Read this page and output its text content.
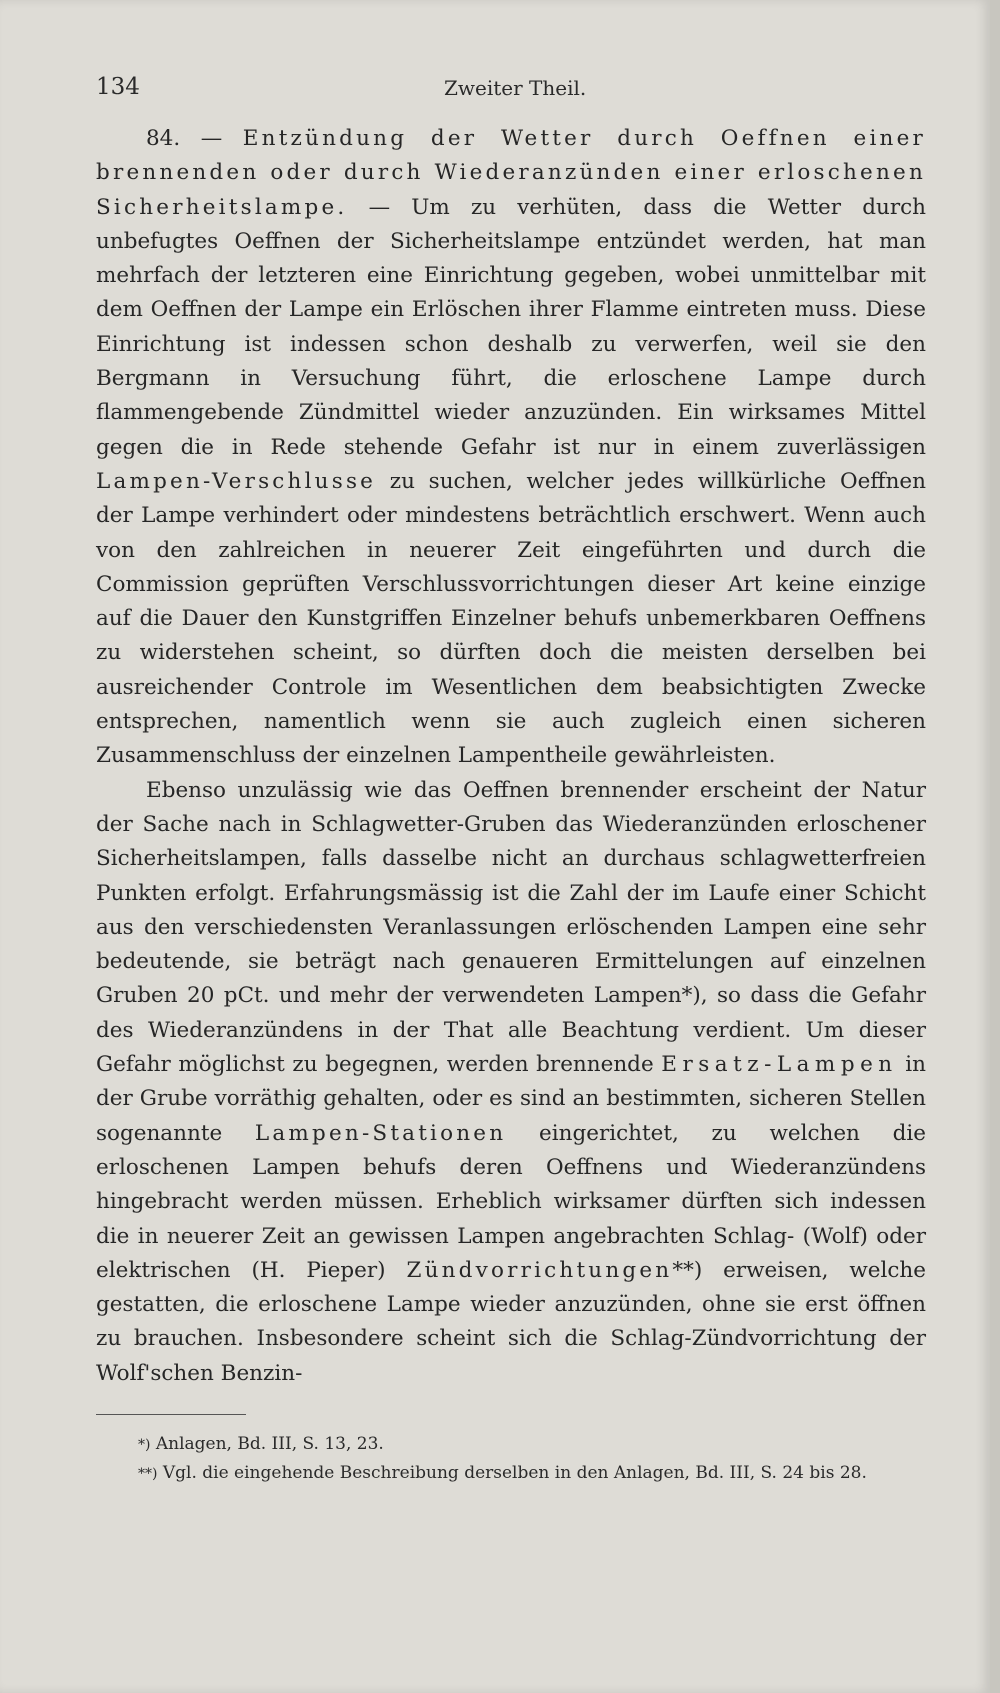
134	Zweiter Theil.

84. — Entzündung der Wetter durch Oeffnen einer brennenden oder durch Wiederanzünden einer erloschenen Sicherheitslampe. — Um zu verhüten, dass die Wetter durch unbefugtes Oeffnen der Sicherheitslampe entzündet werden, hat man mehrfach der letzteren eine Einrichtung gegeben, wobei unmittelbar mit dem Oeffnen der Lampe ein Erlöschen ihrer Flamme eintreten muss. Diese Einrichtung ist indessen schon deshalb zu verwerfen, weil sie den Bergmann in Versuchung führt, die erloschene Lampe durch flammengebende Zündmittel wieder anzuzünden. Ein wirksames Mittel gegen die in Rede stehende Gefahr ist nur in einem zuverlässigen Lampen-Verschlusse zu suchen, welcher jedes willkürliche Oeffnen der Lampe verhindert oder mindestens beträchtlich erschwert. Wenn auch von den zahlreichen in neuerer Zeit eingeführten und durch die Commission geprüften Verschlussvorrichtungen dieser Art keine einzige auf die Dauer den Kunstgriffen Einzelner behufs unbemerkbaren Oeffnens zu widerstehen scheint, so dürften doch die meisten derselben bei ausreichender Controle im Wesentlichen dem beabsichtigten Zwecke entsprechen, namentlich wenn sie auch zugleich einen sicheren Zusammenschluss der einzelnen Lampentheile gewährleisten.

Ebenso unzulässig wie das Oeffnen brennender erscheint der Natur der Sache nach in Schlagwetter-Gruben das Wiederanzünden erloschener Sicherheitslampen, falls dasselbe nicht an durchaus schlagwetterfreien Punkten erfolgt. Erfahrungsmässig ist die Zahl der im Laufe einer Schicht aus den verschiedensten Veranlassungen erlöschenden Lampen eine sehr bedeutende, sie beträgt nach genaueren Ermittelungen auf einzelnen Gruben 20 pCt. und mehr der verwendeten Lampen*), so dass die Gefahr des Wiederanzündens in der That alle Beachtung verdient. Um dieser Gefahr möglichst zu begegnen, werden brennende Ersatz-Lampen in der Grube vorräthig gehalten, oder es sind an bestimmten, sicheren Stellen sogenannte Lampen-Stationen eingerichtet, zu welchen die erloschenen Lampen behufs deren Oeffnens und Wiederanzündens hingebracht werden müssen. Erheblich wirksamer dürften sich indessen die in neuerer Zeit an gewissen Lampen angebrachten Schlag- (Wolf) oder elektrischen (H. Pieper) Zündvorrichtungen**) erweisen, welche gestatten, die erloschene Lampe wieder anzuzünden, ohne sie erst öffnen zu brauchen. Insbesondere scheint sich die Schlag-Zündvorrichtung der Wolf'schen Benzin-

*) Anlagen, Bd. III, S. 13, 23.

**) Vgl. die eingehende Beschreibung derselben in den Anlagen, Bd. III, S. 24 bis 28.
